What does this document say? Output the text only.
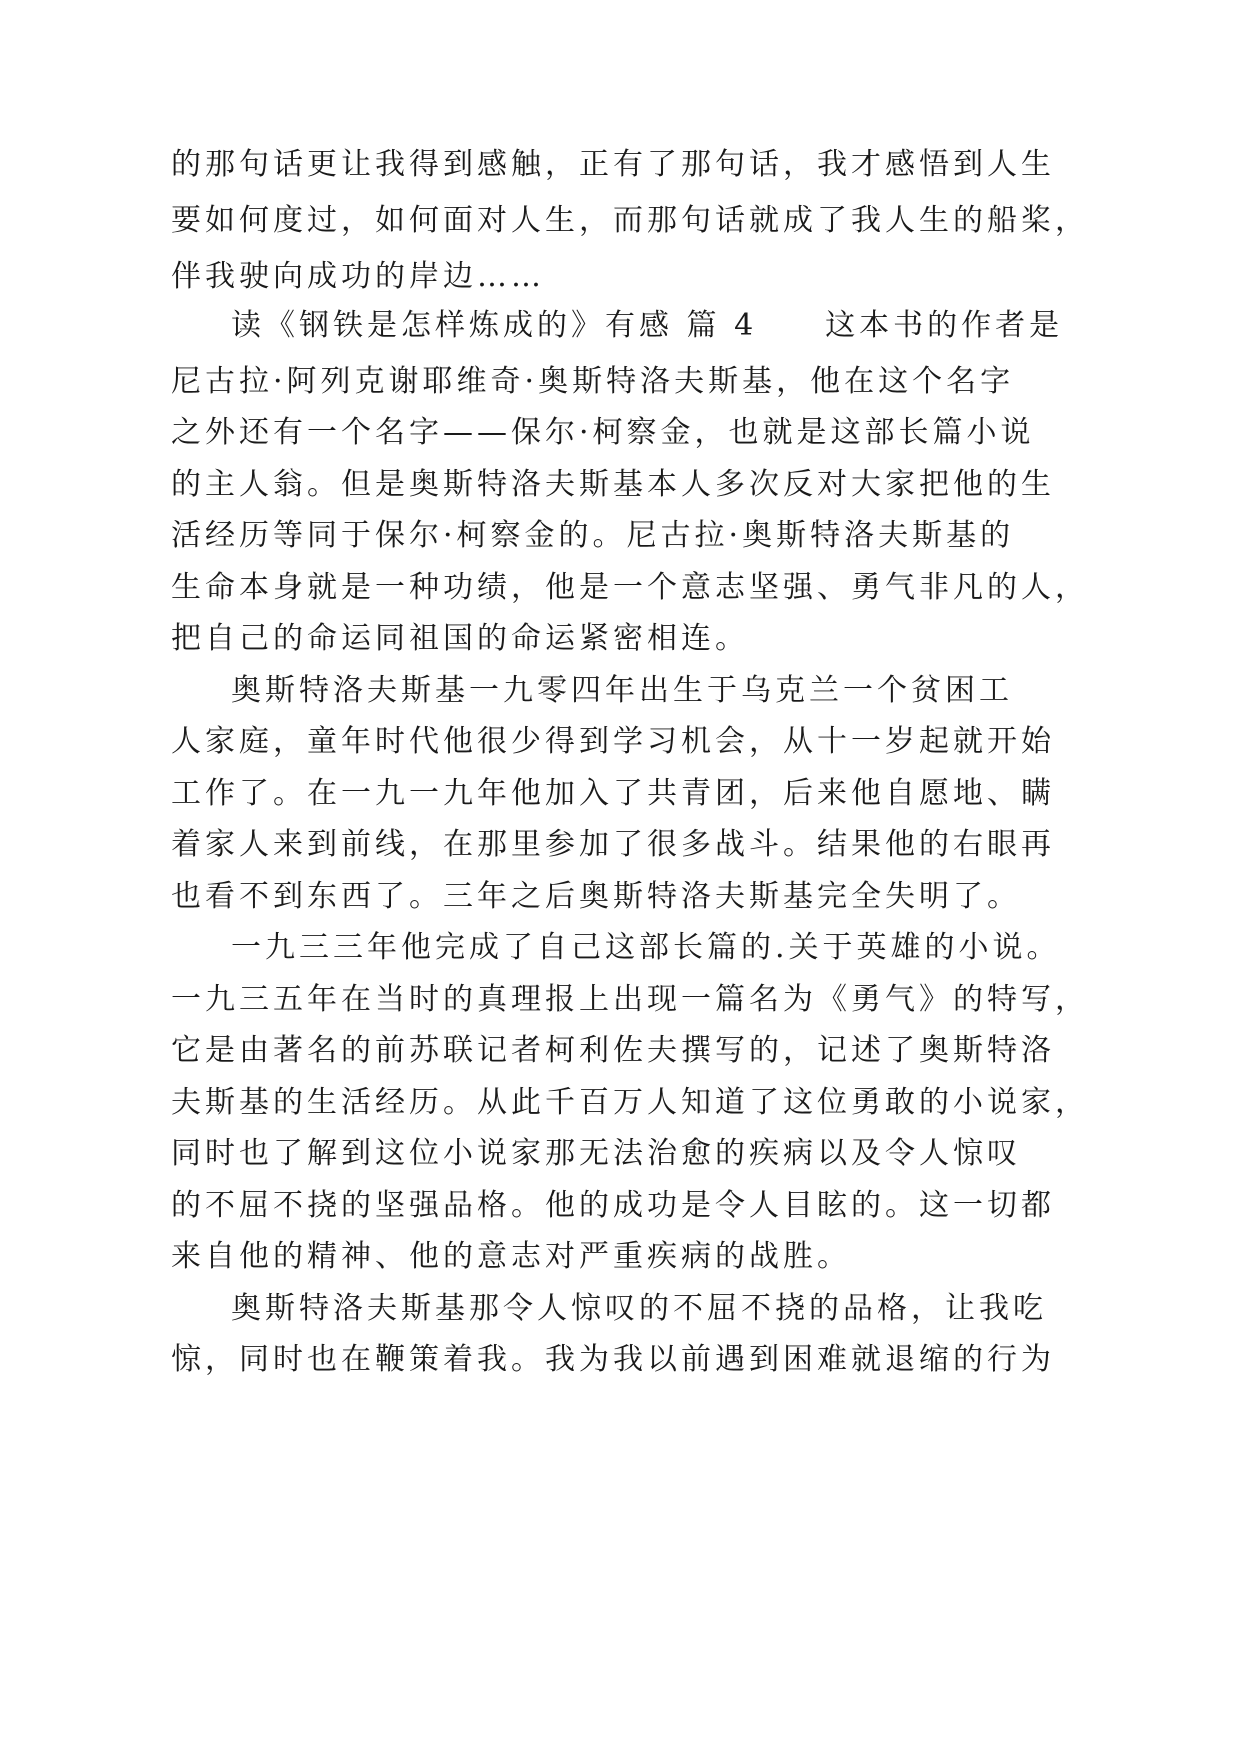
的那句话更让我得到感触，正有了那句话，我才感悟到人生
要如何度过，如何面对人生，而那句话就成了我人生的船桨，
伴我驶向成功的岸边……
读《钢铁是怎样炼成的》有感 篇 4　　这本书的作者是
尼古拉·阿列克谢耶维奇·奥斯特洛夫斯基，他在这个名字
之外还有一个名字——保尔·柯察金，也就是这部长篇小说
的主人翁。但是奥斯特洛夫斯基本人多次反对大家把他的生
活经历等同于保尔·柯察金的。尼古拉·奥斯特洛夫斯基的
生命本身就是一种功绩，他是一个意志坚强、勇气非凡的人，
把自己的命运同祖国的命运紧密相连。
奥斯特洛夫斯基一九零四年出生于乌克兰一个贫困工
人家庭，童年时代他很少得到学习机会，从十一岁起就开始
工作了。在一九一九年他加入了共青团，后来他自愿地、瞒
着家人来到前线，在那里参加了很多战斗。结果他的右眼再
也看不到东西了。三年之后奥斯特洛夫斯基完全失明了。
一九三三年他完成了自己这部长篇的.关于英雄的小说。
一九三五年在当时的真理报上出现一篇名为《勇气》的特写，
它是由著名的前苏联记者柯利佐夫撰写的，记述了奥斯特洛
夫斯基的生活经历。从此千百万人知道了这位勇敢的小说家，
同时也了解到这位小说家那无法治愈的疾病以及令人惊叹
的不屈不挠的坚强品格。他的成功是令人目眩的。这一切都
来自他的精神、他的意志对严重疾病的战胜。
奥斯特洛夫斯基那令人惊叹的不屈不挠的品格，让我吃
惊，同时也在鞭策着我。我为我以前遇到困难就退缩的行为
